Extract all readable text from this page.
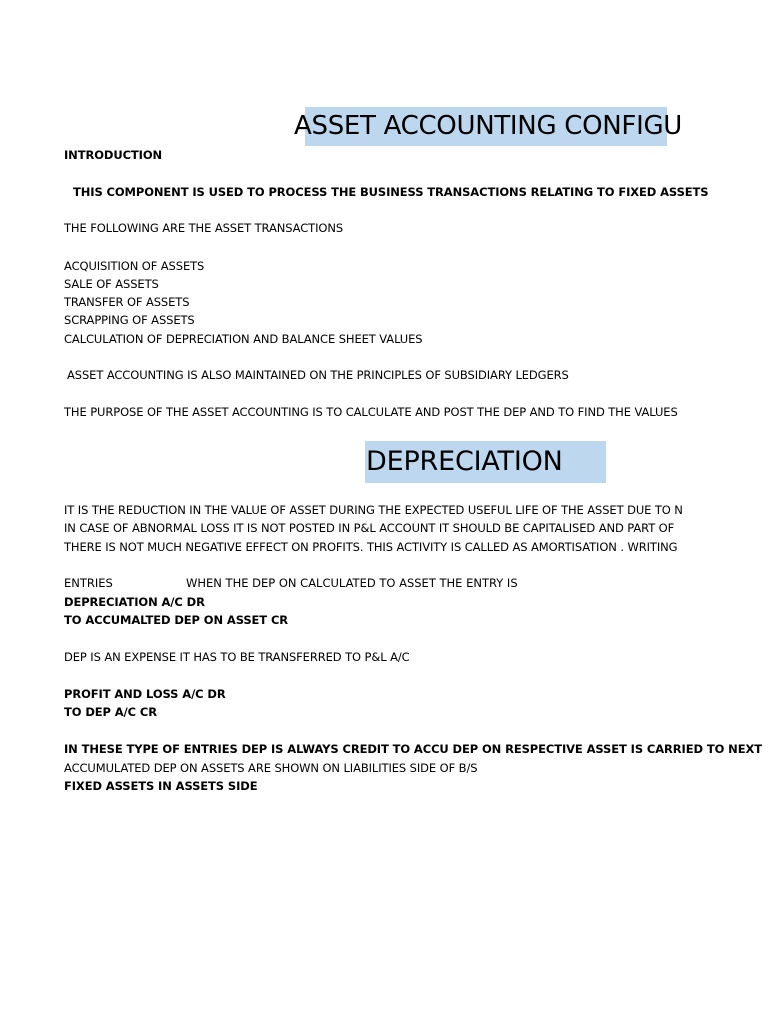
ASSET ACCOUNTING CONFIGU
INTRODUCTION
THIS COMPONENT IS USED TO PROCESS THE BUSINESS TRANSACTIONS RELATING TO FIXED ASSETS
THE FOLLOWING ARE THE ASSET TRANSACTIONS
ACQUISITION OF ASSETS
SALE OF ASSETS
TRANSFER OF ASSETS
SCRAPPING OF ASSETS
CALCULATION OF DEPRECIATION AND BALANCE SHEET VALUES
ASSET ACCOUNTING IS ALSO MAINTAINED ON THE PRINCIPLES OF SUBSIDIARY LEDGERS
THE PURPOSE OF THE ASSET ACCOUNTING IS TO CALCULATE AND POST THE DEP AND TO FIND THE VALUES
DEPRECIATION
IT IS THE REDUCTION IN THE VALUE OF ASSET DURING THE EXPECTED USEFUL LIFE OF THE ASSET DUE TO N
IN CASE OF ABNORMAL LOSS IT IS NOT POSTED IN P&L ACCOUNT IT SHOULD BE CAPITALISED AND PART OF
THERE IS NOT MUCH NEGATIVE EFFECT ON PROFITS. THIS ACTIVITY IS CALLED AS AMORTISATION . WRITING
ENTRIES	WHEN THE DEP ON CALCULATED TO ASSET THE ENTRY IS
DEPRECIATION A/C DR
TO ACCUMALTED DEP ON ASSET CR
DEP IS AN EXPENSE IT HAS TO BE TRANSFERRED TO P&L A/C
PROFIT AND LOSS A/C DR
TO DEP A/C CR
IN THESE TYPE OF ENTRIES DEP IS ALWAYS CREDIT TO ACCU DEP ON RESPECTIVE ASSET IS CARRIED TO NEXT
ACCUMULATED DEP ON ASSETS ARE SHOWN ON LIABILITIES SIDE OF B/S
FIXED ASSETS IN ASSETS SIDE
